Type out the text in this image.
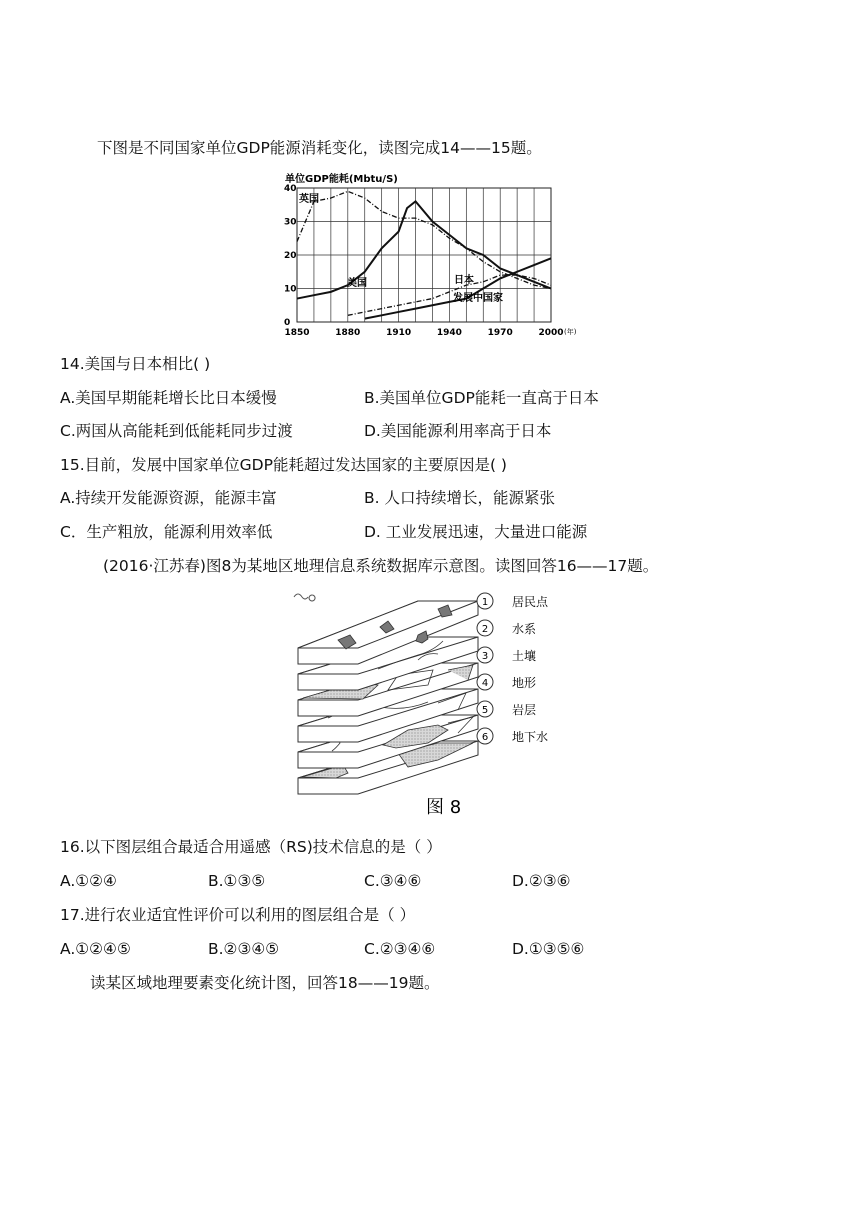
下图是不同国家单位GDP能源消耗变化，读图完成14——15题。
单位GDP能耗(Mbtu/S)
0
10
20
30
40
1850	1880	1910	1940	1970	2000
英国
美国	日本
发展中国家
(年)
14.美国与日本相比( )
A.美国早期能耗增长比日本缓慢	B.美国单位GDP能耗一直高于日本
C.两国从高能耗到低能耗同步过渡	D.美国能源利用率高于日本
15.目前，发展中国家单位GDP能耗超过发达国家的主要原因是( )
A.持续开发能源资源，能源丰富	B. 人口持续增长，能源紧张
C．生产粗放，能源利用效率低	D. 工业发展迅速，大量进口能源
(2016·江苏春)图8为某地区地理信息系统数据库示意图。读图回答16——17题。
1 居民点
2 水系
3 土壤
4 地形
5 岩层
6 地下水
图 8
16.以下图层组合最适合用遥感（RS)技术信息的是（ ）
A.①②④	B.①③⑤	C.③④⑥	D.②③⑥
17.进行农业适宜性评价可以利用的图层组合是（ ）
A.①②④⑤	B.②③④⑤	C.②③④⑥	D.①③⑤⑥
读某区域地理要素变化统计图，回答18——19题。
